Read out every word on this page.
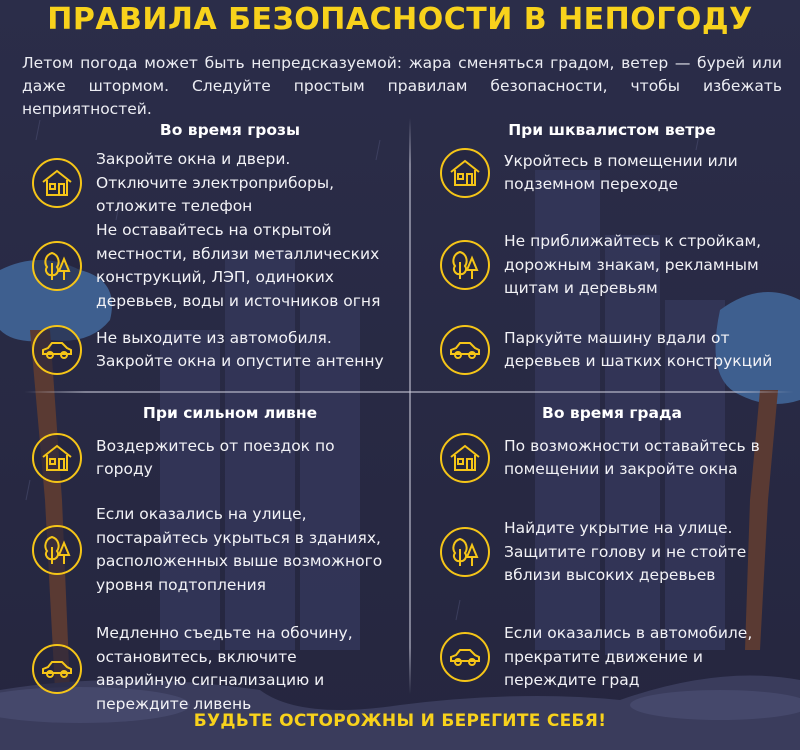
ПРАВИЛА БЕЗОПАСНОСТИ В НЕПОГОДУ
Летом погода может быть непредсказуемой: жара сменяться градом, ветер — бурей или даже штормом. Следуйте простым правилам безопасности, чтобы избежать неприятностей.
Во время грозы
Закройте окна и двери. Отключите электроприборы, отложите телефон
Не оставайтесь на открытой местности, вблизи металлических конструкций, ЛЭП, одиноких деревьев, воды и источников огня
Не выходите из автомобиля. Закройте окна и опустите антенну
При шквалистом ветре
Укройтесь в помещении или подземном переходе
Не приближайтесь к стройкам, дорожным знакам, рекламным щитам и деревьям
Паркуйте машину вдали от деревьев и шатких конструкций
При сильном ливне
Воздержитесь от поездок по городу
Если оказались на улице, постарайтесь укрыться в зданиях, расположенных выше возможного уровня подтопления
Медленно съедьте на обочину, остановитесь, включите аварийную сигнализацию и переждите ливень
Во время града
По возможности оставайтесь в помещении и закройте окна
Найдите укрытие на улице. Защитите голову и не стойте вблизи высоких деревьев
Если оказались в автомобиле, прекратите движение и переждите град
БУДЬТЕ ОСТОРОЖНЫ И БЕРЕГИТЕ СЕБЯ!
